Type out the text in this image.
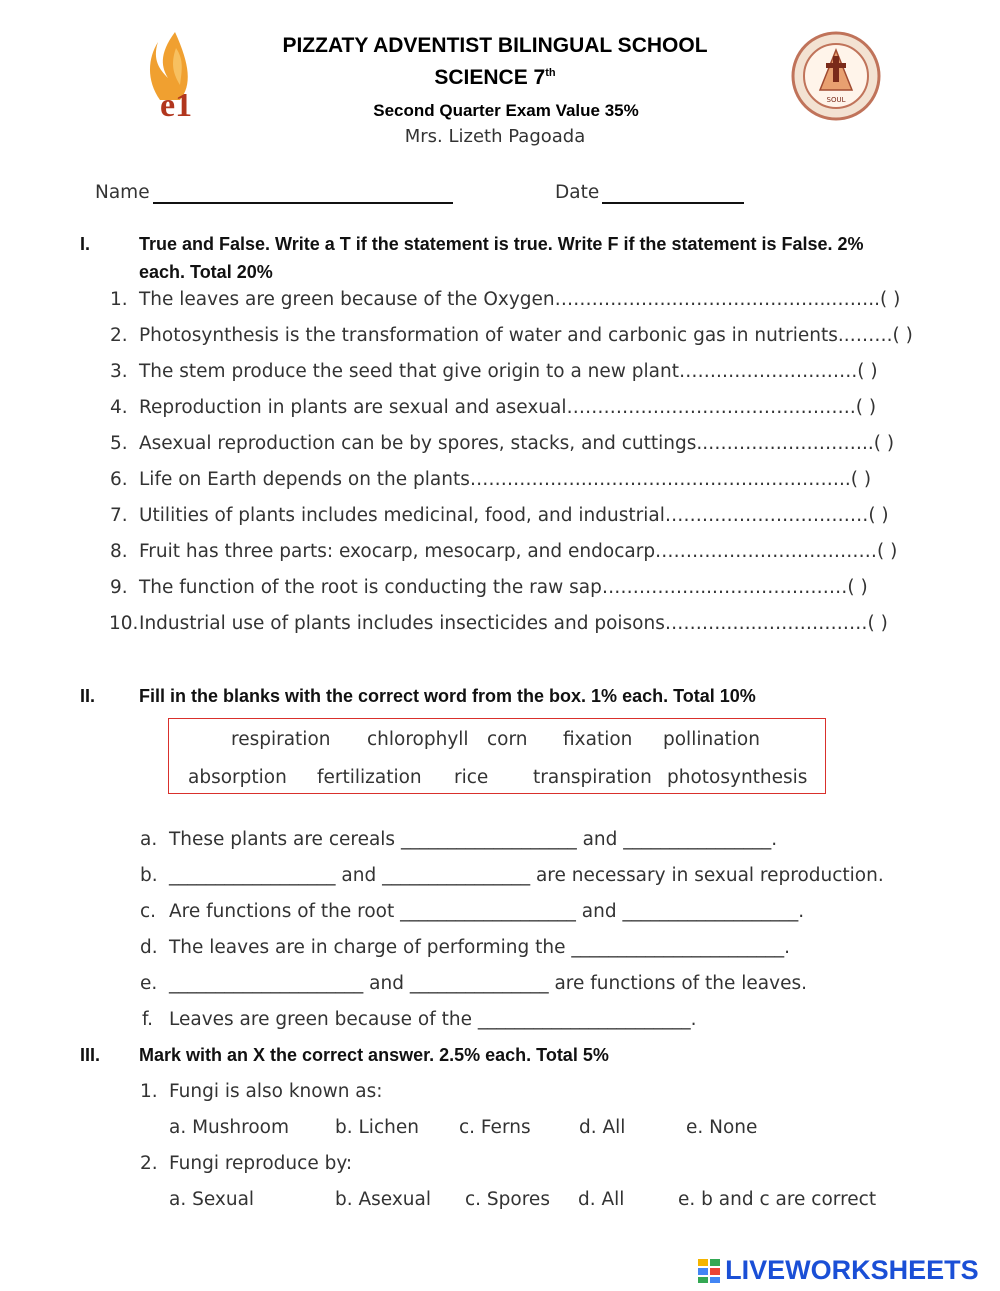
e1	SOUL
PIZZATY ADVENTIST BILINGUAL SCHOOL
SCIENCE 7th
Second Quarter Exam Value 35%
Mrs. Lizeth Pagoada
Name	Date
I.	True and False. Write a T if the statement is true. Write F if the statement is False. 2%
each. Total 20%
1. The leaves are green because of the Oxygen……………….……………………..……..( )
2. Photosynthesis is the transformation of water and carbonic gas in nutrients..…….( )
3. The stem produce the seed that give origin to a new plant…….………………….( )
4. Reproduction in plants are sexual and asexual……………………………….……….( )
5. Asexual reproduction can be by spores, stacks, and cuttings..……….……………..( )
6. Life on Earth depends on the plants……………….………………………..…………..( )
7. Utilities of plants includes medicinal, food, and industrial……………………………( )
8. Fruit has three parts: exocarp, mesocarp, and endocarp………………………………( )
9. The function of the root is conducting the raw sap……………....…………………( )
10. Industrial use of plants includes insecticides and poisons……….…..………………( )
II. Fill in the blanks with the correct word from the box. 1% each. Total 10%
respiration chlorophyll corn fixation pollination
absorption fertilization rice transpiration photosynthesis
a. These plants are cereals ___________________ and ________________.
b. __________________ and ________________ are necessary in sexual reproduction.
c. Are functions of the root ___________________ and ___________________.
d. The leaves are in charge of performing the _______________________.
e. _____________________ and _______________ are functions of the leaves.
f. Leaves are green because of the _______________________.
III. Mark with an X the correct answer. 2.5% each. Total 5%
1. Fungi is also known as:
a. Mushroom b. Lichen c. Ferns	d. All	e. None
2. Fungi reproduce by:
a. Sexual	b. Asexual c. Spores d. All	e. b and c are correct
LIVEWORKSHEETS
